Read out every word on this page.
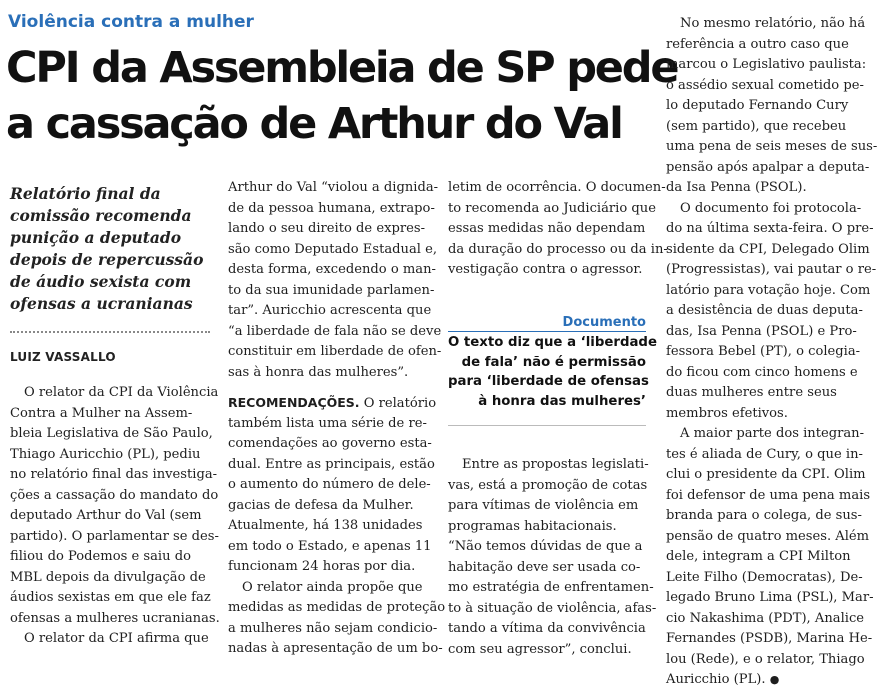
Violência contra a mulher
CPI da Assembleia de SP pede
a cassação de Arthur do Val
Relatório final da
comissão recomenda
punição a deputado
depois de repercussão
de áudio sexista com
ofensas a ucranianas
LUIZ VASSALLO
O relator da CPI da Violência
Contra a Mulher na Assem-
bleia Legislativa de São Paulo,
Thiago Auricchio (PL), pediu
no relatório final das investiga-
ções a cassação do mandato do
deputado Arthur do Val (sem
partido). O parlamentar se des-
filiou do Podemos e saiu do
MBL depois da divulgação de
áudios sexistas em que ele faz
ofensas a mulheres ucranianas.
O relator da CPI afirma que
Arthur do Val “violou a dignida-
de da pessoa humana, extrapo-
lando o seu direito de expres-
são como Deputado Estadual e,
desta forma, excedendo o man-
to da sua imunidade parlamen-
tar”. Auricchio acrescenta que
“a liberdade de fala não se deve
constituir em liberdade de ofen-
sas à honra das mulheres”.
RECOMENDAÇÕES. O relatório
também lista uma série de re-
comendações ao governo esta-
dual. Entre as principais, estão
o aumento do número de dele-
gacias de defesa da Mulher.
Atualmente, há 138 unidades
em todo o Estado, e apenas 11
funcionam 24 horas por dia.
O relator ainda propõe que
medidas as medidas de proteção
a mulheres não sejam condicio-
nadas à apresentação de um bo-
letim de ocorrência. O documen-
to recomenda ao Judiciário que
essas medidas não dependam
da duração do processo ou da in-
vestigação contra o agressor.
Documento
O texto diz que a ‘liberdade
de fala’ não é permissão
para ‘liberdade de ofensas
à honra das mulheres’
Entre as propostas legislati-
vas, está a promoção de cotas
para vítimas de violência em
programas habitacionais.
“Não temos dúvidas de que a
habitação deve ser usada co-
mo estratégia de enfrentamen-
to à situação de violência, afas-
tando a vítima da convivência
com seu agressor”, conclui.
No mesmo relatório, não há
referência a outro caso que
marcou o Legislativo paulista:
o assédio sexual cometido pe-
lo deputado Fernando Cury
(sem partido), que recebeu
uma pena de seis meses de sus-
pensão após apalpar a deputa-
da Isa Penna (PSOL).
O documento foi protocola-
do na última sexta-feira. O pre-
sidente da CPI, Delegado Olim
(Progressistas), vai pautar o re-
latório para votação hoje. Com
a desistência de duas deputa-
das, Isa Penna (PSOL) e Pro-
fessora Bebel (PT), o colegia-
do ficou com cinco homens e
duas mulheres entre seus
membros efetivos.
A maior parte dos integran-
tes é aliada de Cury, o que in-
clui o presidente da CPI. Olim
foi defensor de uma pena mais
branda para o colega, de sus-
pensão de quatro meses. Além
dele, integram a CPI Milton
Leite Filho (Democratas), De-
legado Bruno Lima (PSL), Mar-
cio Nakashima (PDT), Analice
Fernandes (PSDB), Marina He-
lou (Rede), e o relator, Thiago
Auricchio (PL). ●
